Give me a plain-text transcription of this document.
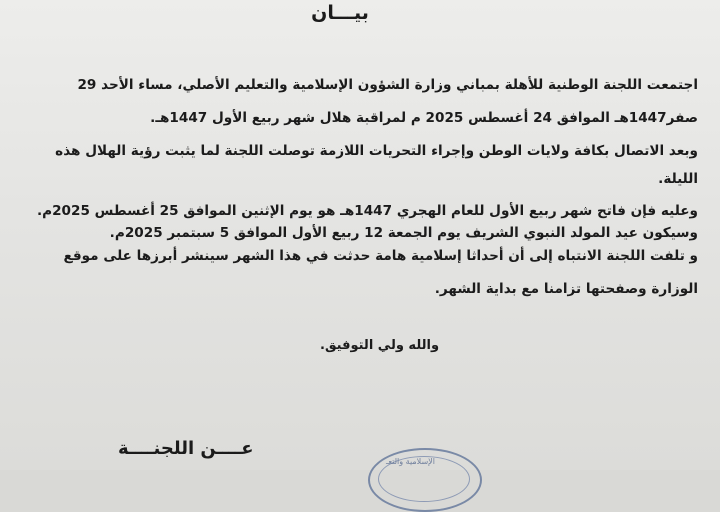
بيـــان
اجتمعت اللجنة الوطنية للأهلة بمباني وزارة الشؤون الإسلامية والتعليم الأصلي، مساء الأحد 29
صفر1447هـ الموافق 24 أغسطس 2025 م لمراقبة هلال شهر ربيع الأول 1447هـ.
وبعد الاتصال بكافة ولايات الوطن وإجراء التحريات اللازمة توصلت اللجنة لما يثبت رؤية الهلال هذه
الليلة.
وعليه فإن فاتح شهر ربيع الأول للعام الهجري 1447هـ هو يوم الإثنين الموافق 25 أغسطس 2025م.
وسيكون عيد المولد النبوي الشريف يوم الجمعة 12 ربيع الأول الموافق 5 سبتمبر 2025م.
و تلفت اللجنة الانتباه إلى أن أحداثا إسلامية هامة حدثت في هذا الشهر سينشر أبرزها على موقع
الوزارة وصفحتها تزامنا مع بداية الشهر.
والله ولي التوفيق.
عــــن اللجنــــة
الإسلامية والتعـ
